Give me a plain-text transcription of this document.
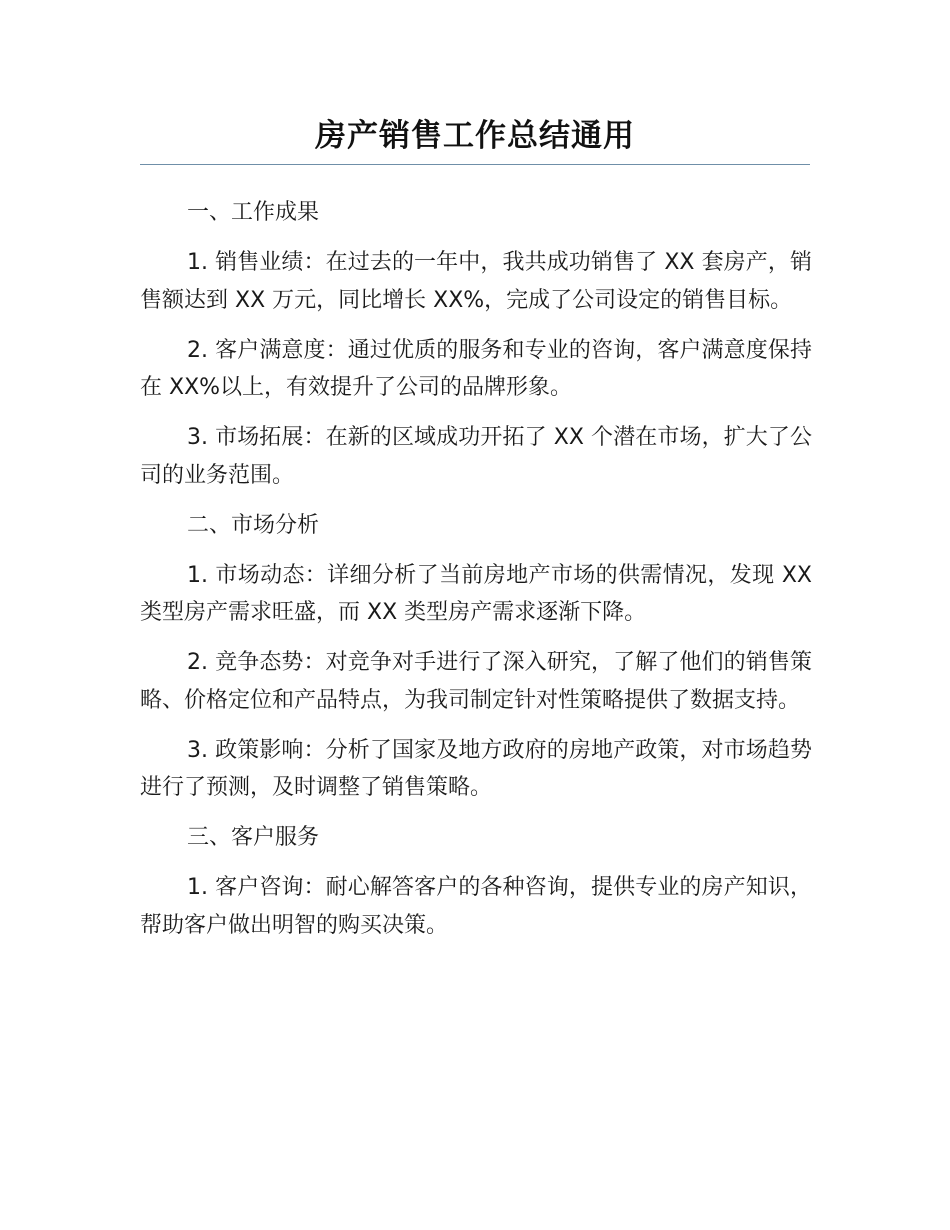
房产销售工作总结通用

一、工作成果

1. 销售业绩：在过去的一年中，我共成功销售了 XX 套房产，销售额达到 XX 万元，同比增长 XX%，完成了公司设定的销售目标。

2. 客户满意度：通过优质的服务和专业的咨询，客户满意度保持在 XX%以上，有效提升了公司的品牌形象。

3. 市场拓展：在新的区域成功开拓了 XX 个潜在市场，扩大了公司的业务范围。

二、市场分析

1. 市场动态：详细分析了当前房地产市场的供需情况，发现 XX 类型房产需求旺盛，而 XX 类型房产需求逐渐下降。

2. 竞争态势：对竞争对手进行了深入研究，了解了他们的销售策略、价格定位和产品特点，为我司制定针对性策略提供了数据支持。

3. 政策影响：分析了国家及地方政府的房地产政策，对市场趋势进行了预测，及时调整了销售策略。

三、客户服务

1. 客户咨询：耐心解答客户的各种咨询，提供专业的房产知识，帮助客户做出明智的购买决策。
